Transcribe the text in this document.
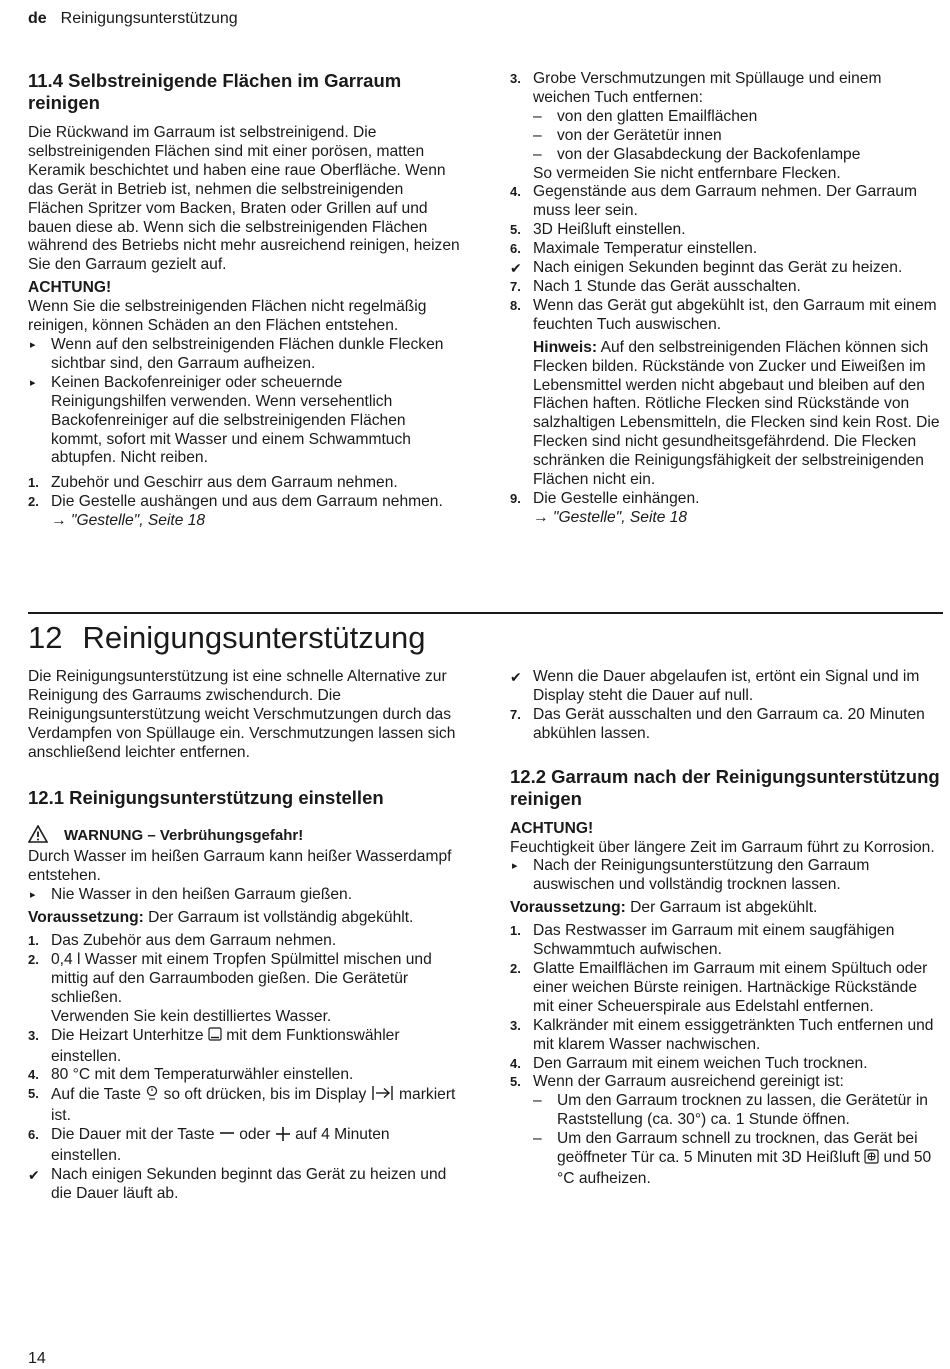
de Reinigungsunterstützung
11.4 Selbstreinigende Flächen im Garraum reinigen

Die Rückwand im Garraum ist selbstreinigend. Die selbstreinigenden Flächen sind mit einer porösen, matten Keramik beschichtet und haben eine raue Oberfläche. Wenn das Gerät in Betrieb ist, nehmen die selbstreinigenden Flächen Spritzer vom Backen, Braten oder Grillen auf und bauen diese ab. Wenn sich die selbstreinigenden Flächen während des Betriebs nicht mehr ausreichend reinigen, heizen Sie den Garraum gezielt auf.

ACHTUNG!

Wenn Sie die selbstreinigenden Flächen nicht regelmäßig reinigen, können Schäden an den Flächen entstehen.

▸ Wenn auf den selbstreinigenden Flächen dunkle Flecken sichtbar sind, den Garraum aufheizen.
▸ Keinen Backofenreiniger oder scheuernde Reinigungshilfen verwenden. Wenn versehentlich Backofenreiniger auf die selbstreinigenden Flächen kommt, sofort mit Wasser und einem Schwammtuch abtupfen. Nicht reiben.
1. Zubehör und Geschirr aus dem Garraum nehmen.
2. Die Gestelle aushängen und aus dem Garraum nehmen.
→ "Gestelle", Seite 18
3. Grobe Verschmutzungen mit Spüllauge und einem weichen Tuch entfernen:
– von den glatten Emailflächen
– von der Gerätetür innen
– von der Glasabdeckung der Backofenlampe
So vermeiden Sie nicht entfernbare Flecken.
4. Gegenstände aus dem Garraum nehmen. Der Garraum muss leer sein.
5. 3D Heißluft einstellen.
6. Maximale Temperatur einstellen.
✔ Nach einigen Sekunden beginnt das Gerät zu heizen.
7. Nach 1 Stunde das Gerät ausschalten.
8. Wenn das Gerät gut abgekühlt ist, den Garraum mit einem feuchten Tuch auswischen.
Hinweis: Auf den selbstreinigenden Flächen können sich Flecken bilden. Rückstände von Zucker und Eiweißen im Lebensmittel werden nicht abgebaut und bleiben auf den Flächen haften. Rötliche Flecken sind Rückstände von salzhaltigen Lebensmitteln, die Flecken sind kein Rost. Die Flecken sind nicht gesundheitsgefährdend. Die Flecken schränken die Reinigungsfähigkeit der selbstreinigenden Flächen nicht ein.
9. Die Gestelle einhängen.
→ "Gestelle", Seite 18
12 Reinigungsunterstützung

Die Reinigungsunterstützung ist eine schnelle Alternative zur Reinigung des Garraums zwischendurch. Die Reinigungsunterstützung weicht Verschmutzungen durch das Verdampfen von Spüllauge ein. Verschmutzungen lassen sich anschließend leichter entfernen.

12.1 Reinigungsunterstützung einstellen
WARNUNG – Verbrühungsgefahr!

Durch Wasser im heißen Garraum kann heißer Wasserdampf entstehen.

▸ Nie Wasser in den heißen Garraum gießen.

Voraussetzung: Der Garraum ist vollständig abgekühlt.

1. Das Zubehör aus dem Garraum nehmen.
2. 0,4 l Wasser mit einem Tropfen Spülmittel mischen und mittig auf den Garraumboden gießen. Die Gerätetür schließen.
Verwenden Sie kein destilliertes Wasser.
3. Die Heizart Unterhitze mit dem Funktionswähler einstellen.
4. 80 °C mit dem Temperaturwähler einstellen.
5. Auf die Taste so oft drücken, bis im Display markiert ist.
6. Die Dauer mit der Taste oder auf 4 Minuten einstellen.
✔ Nach einigen Sekunden beginnt das Gerät zu heizen und die Dauer läuft ab.
✔ Wenn die Dauer abgelaufen ist, ertönt ein Signal und im Display steht die Dauer auf null.
7. Das Gerät ausschalten und den Garraum ca. 20 Minuten abkühlen lassen.
12.2 Garraum nach der Reinigungsunterstützung reinigen

ACHTUNG!

Feuchtigkeit über längere Zeit im Garraum führt zu Korrosion.

▸ Nach der Reinigungsunterstützung den Garraum auswischen und vollständig trocknen lassen.

Voraussetzung: Der Garraum ist abgekühlt.

1. Das Restwasser im Garraum mit einem saugfähigen Schwammtuch aufwischen.
2. Glatte Emailflächen im Garraum mit einem Spültuch oder einer weichen Bürste reinigen. Hartnäckige Rückstände mit einer Scheuerspirale aus Edelstahl entfernen.
3. Kalkränder mit einem essiggetränkten Tuch entfernen und mit klarem Wasser nachwischen.
4. Den Garraum mit einem weichen Tuch trocknen.
5. Wenn der Garraum ausreichend gereinigt ist:
– Um den Garraum trocknen zu lassen, die Gerätetür in Raststellung (ca. 30°) ca. 1 Stunde öffnen.
– Um den Garraum schnell zu trocknen, das Gerät bei geöffneter Tür ca. 5 Minuten mit 3D Heißluft und 50 °C aufheizen.
14
